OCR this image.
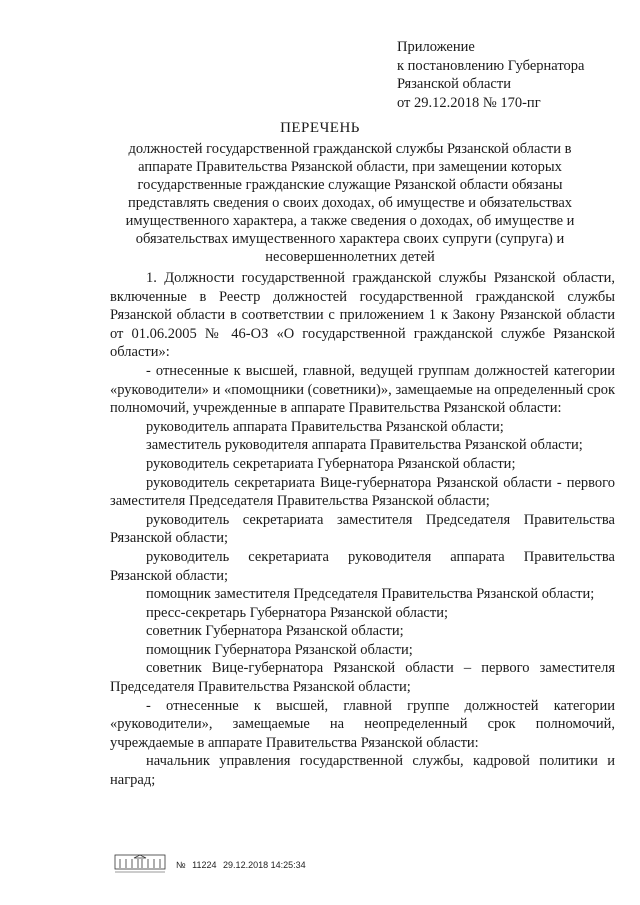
Приложение
к постановлению Губернатора
Рязанской области
от 29.12.2018 № 170-пг
ПЕРЕЧЕНЬ
должностей государственной гражданской службы Рязанской области в аппарате Правительства Рязанской области, при замещении которых государственные гражданские служащие Рязанской области обязаны представлять сведения о своих доходах, об имуществе и обязательствах имущественного характера, а также сведения о доходах, об имуществе и обязательствах имущественного характера своих супруги (супруга) и несовершеннолетних детей

1. Должности государственной гражданской службы Рязанской области, включенные в Реестр должностей государственной гражданской службы Рязанской области в соответствии с приложением 1 к Закону Рязанской области от 01.06.2005 № 46-ОЗ «О государственной гражданской службе Рязанской области»:

- отнесенные к высшей, главной, ведущей группам должностей категории «руководители» и «помощники (советники)», замещаемые на определенный срок полномочий, учрежденные в аппарате Правительства Рязанской области:

руководитель аппарата Правительства Рязанской области;

заместитель руководителя аппарата Правительства Рязанской области;

руководитель секретариата Губернатора Рязанской области;

руководитель секретариата Вице-губернатора Рязанской области - первого заместителя Председателя Правительства Рязанской области;

руководитель секретариата заместителя Председателя Правительства Рязанской области;

руководитель секретариата руководителя аппарата Правительства Рязанской области;

помощник заместителя Председателя Правительства Рязанской области;

пресс-секретарь Губернатора Рязанской области;

советник Губернатора Рязанской области;

помощник Губернатора Рязанской области;

советник Вице-губернатора Рязанской области – первого заместителя Председателя Правительства Рязанской области;

- отнесенные к высшей, главной группе должностей категории «руководители», замещаемые на неопределенный срок полномочий, учреждаемые в аппарате Правительства Рязанской области:

начальник управления государственной службы, кадровой политики и наград;

№ 11224 29.12.2018 14:25:34
